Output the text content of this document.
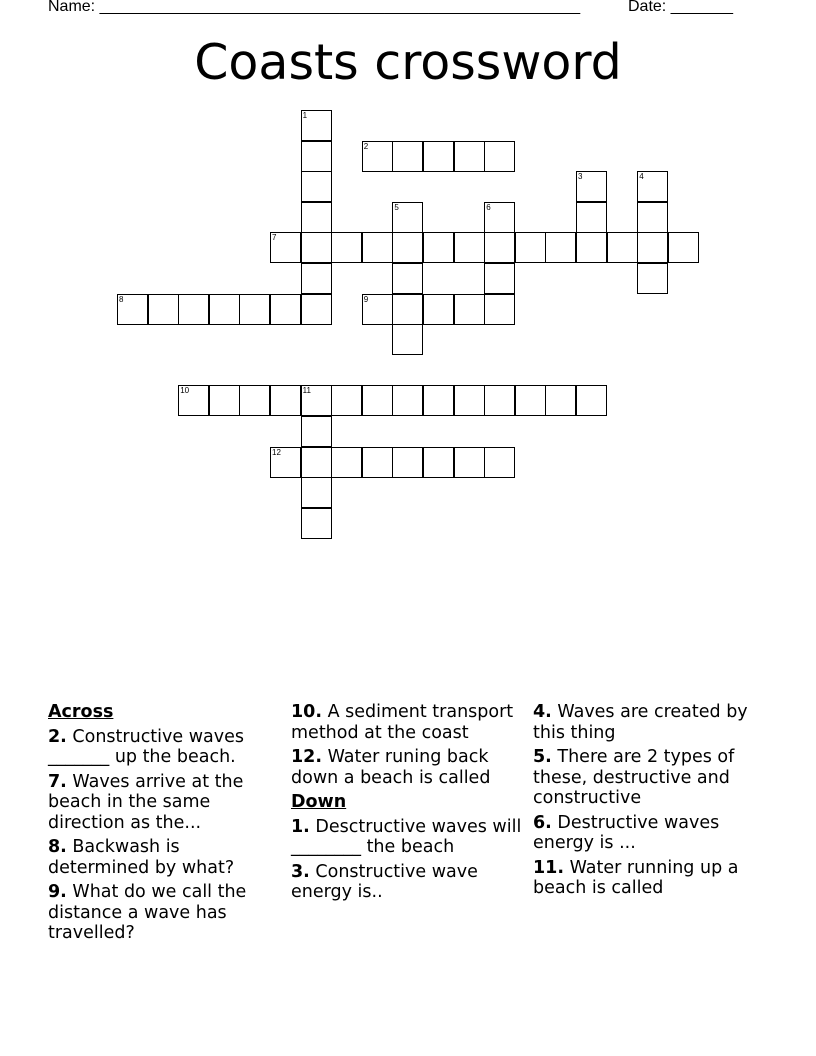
Name: ______________________________________________________	Date: _______
Coasts crossword
1
2
3	4
5	6
7
8	9
10	11
12
Across
2. Constructive waves _______ up the beach.
7. Waves arrive at the beach in the same direction as the...
8. Backwash is determined by what?
9. What do we call the distance a wave has travelled?
10. A sediment transport method at the coast
12. Water runing back down a beach is called
Down
1. Desctructive waves will ________ the beach
3. Constructive wave energy is..
4. Waves are created by this thing
5. There are 2 types of these, destructive and constructive
6. Destructive waves energy is ...
11. Water running up a beach is called
